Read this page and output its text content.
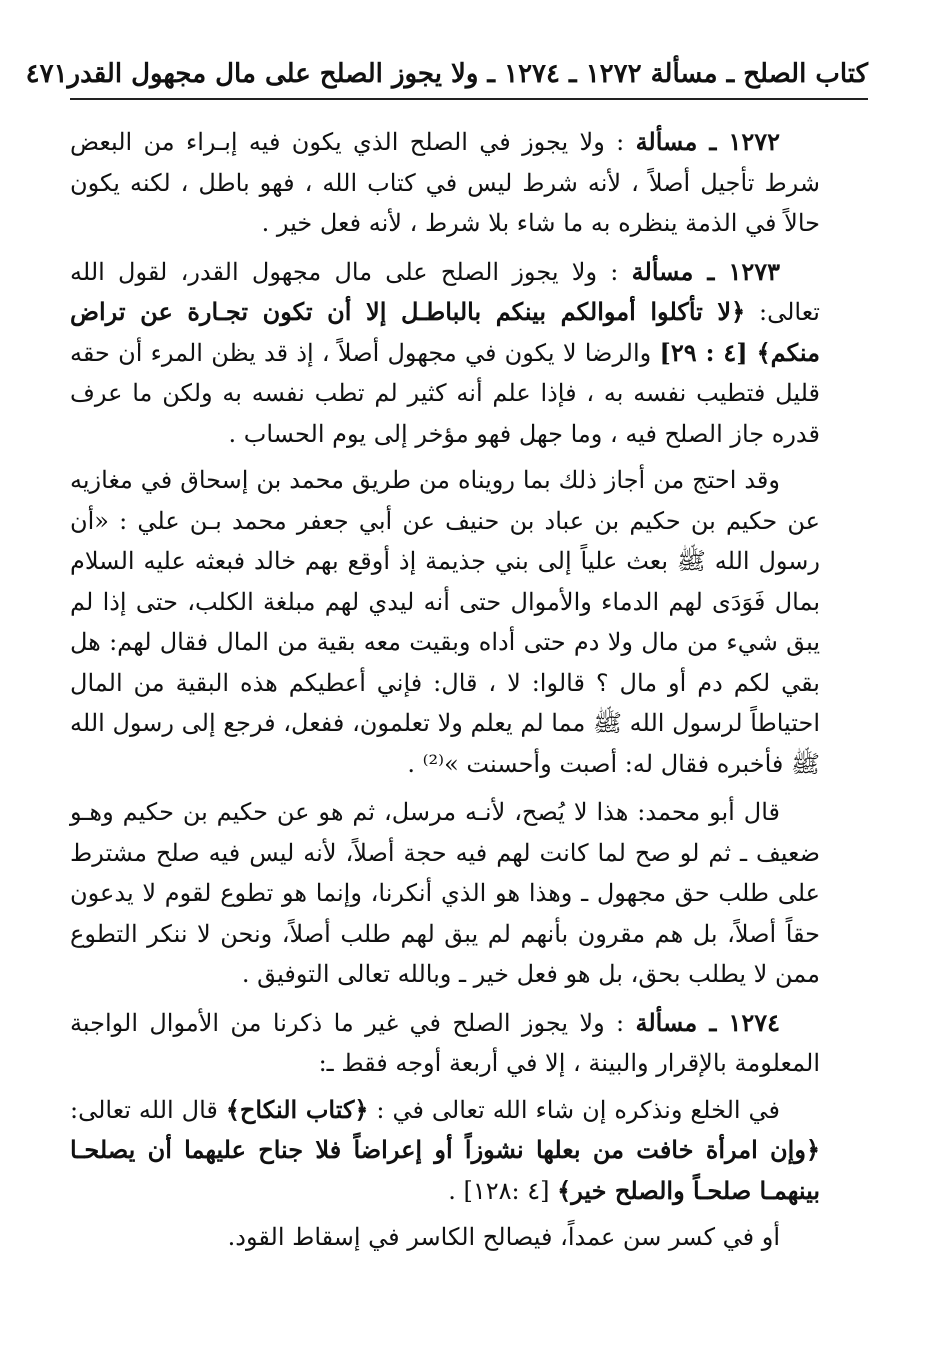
كتاب الصلح ـ مسألة ١٢٧٢ ـ ١٢٧٤ ـ ولا يجوز الصلح على مال مجهول القدر
٤٧١

١٢٧٢ ـ مسألة : ولا يجوز في الصلح الذي يكون فيه إبـراء من البعض شرط تأجيل أصلاً ، لأنه شرط ليس في كتاب الله ، فهو باطل ، لكنه يكون حالاً في الذمة ينظره به ما شاء بلا شرط ، لأنه فعل خير .

١٢٧٣ ـ مسألة : ولا يجوز الصلح على مال مجهول القدر، لقول الله تعالى: ﴿لا تأكلوا أموالكم بينكم بالباطـل إلا أن تكون تجـارة عن تراض منكم﴾ [٤ : ٢٩] والرضا لا يكون في مجهول أصلاً ، إذ قد يظن المرء أن حقه قليل فتطيب نفسه به ، فإذا علم أنه كثير لم تطب نفسه به ولكن ما عرف قدره جاز الصلح فيه ، وما جهل فهو مؤخر إلى يوم الحساب .

وقد احتج من أجاز ذلك بما رويناه من طريق محمد بن إسحاق في مغازيه عن حكيم بن حكيم بن عباد بن حنيف عن أبي جعفر محمد بـن علي : «أن رسول الله ﷺ بعث علياً إلى بني جذيمة إذ أوقع بهم خالد فبعثه عليه السلام بمال فَوَدَى لهم الدماء والأموال حتى أنه ليدي لهم مبلغة الكلب، حتى إذا لم يبق شيء من مال ولا دم حتى أداه وبقيت معه بقية من المال فقال لهم: هل بقي لكم دم أو مال ؟ قالوا: لا ، قال: فإني أعطيكم هذه البقية من المال احتياطاً لرسول الله ﷺ مما لم يعلم ولا تعلمون، ففعل، فرجع إلى رسول الله ﷺ فأخبره فقال له: أصبت وأحسنت »⁽²⁾ .

قال أبو محمد: هذا لا يُصح، لأنـه مرسل، ثم هو عن حكيم بن حكيم وهـو ضعيف ـ ثم لو صح لما كانت لهم فيه حجة أصلاً، لأنه ليس فيه صلح مشترط على طلب حق مجهول ـ وهذا هو الذي أنكرنا، وإنما هو تطوع لقوم لا يدعون حقاً أصلاً، بل هم مقرون بأنهم لم يبق لهم طلب أصلاً، ونحن لا ننكر التطوع ممن لا يطلب بحق، بل هو فعل خير ـ وبالله تعالى التوفيق .

١٢٧٤ ـ مسألة : ولا يجوز الصلح في غير ما ذكرنا من الأموال الواجبة المعلومة بالإقرار والبينة ، إلا في أربعة أوجه فقط ـ:

في الخلع ونذكره إن شاء الله تعالى في : ﴿كتاب النكاح﴾ قال الله تعالى: ﴿وإن امرأة خافت من بعلها نشوزاً أو إعراضاً فلا جناح عليهما أن يصلحـا بينهمـا صلحـاً والصلح خير﴾ [٤ :١٢٨] .

أو في كسر سن عمداً، فيصالح الكاسر في إسقاط القود.
